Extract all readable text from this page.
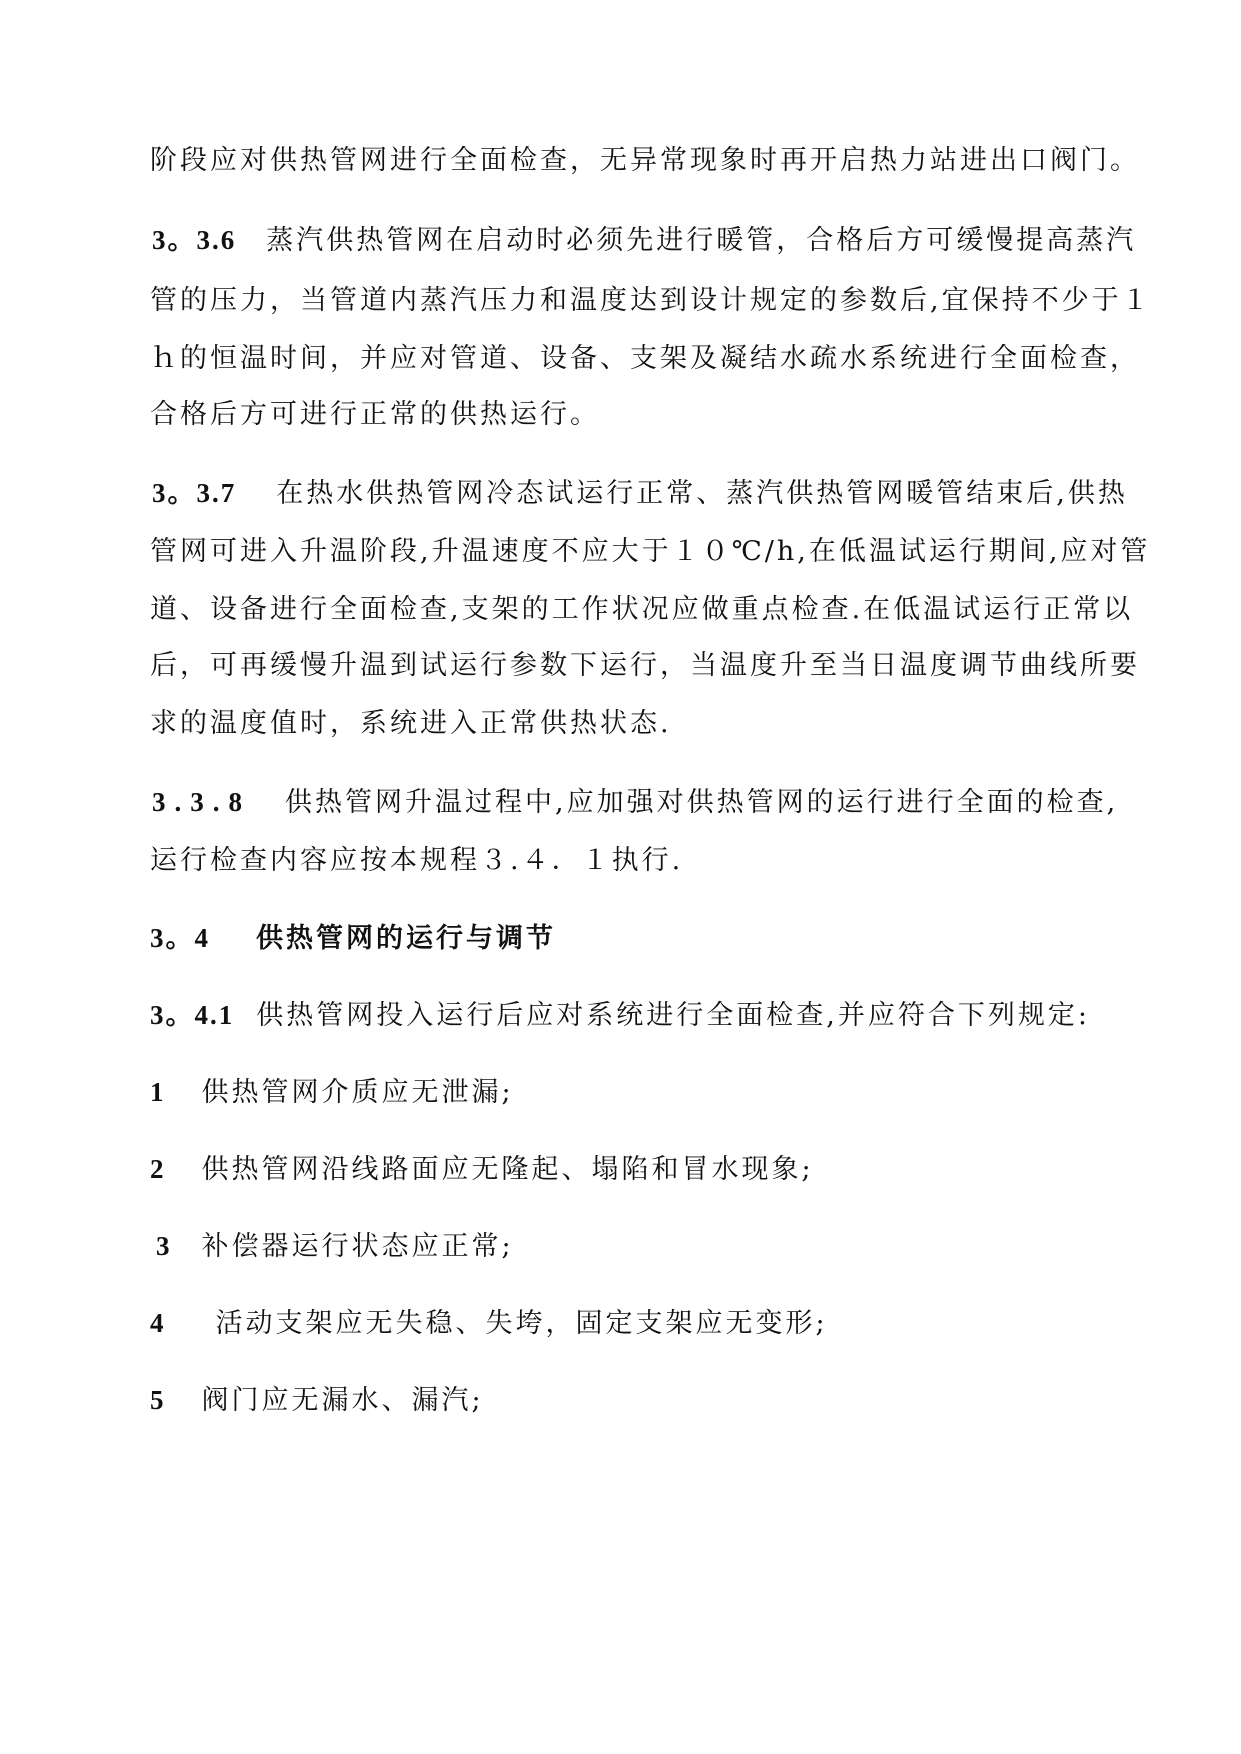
阶段应对供热管网进行全面检查，无异常现象时再开启热力站进出口阀门。
3。3.6 蒸汽供热管网在启动时必须先进行暖管，合格后方可缓慢提高蒸汽
管的压力，当管道内蒸汽压力和温度达到设计规定的参数后,宜保持不少于１
ｈ的恒温时间，并应对管道、设备、支架及凝结水疏水系统进行全面检查，
合格后方可进行正常的供热运行。
3。3.7 在热水供热管网冷态试运行正常、蒸汽供热管网暖管结束后,供热
管网可进入升温阶段,升温速度不应大于１０℃/h,在低温试运行期间,应对管
道、设备进行全面检查,支架的工作状况应做重点检查.在低温试运行正常以
后，可再缓慢升温到试运行参数下运行，当温度升至当日温度调节曲线所要
求的温度值时，系统进入正常供热状态.
3.3.8 供热管网升温过程中,应加强对供热管网的运行进行全面的检查,
运行检查内容应按本规程３.４．１执行.
3。4 供热管网的运行与调节
3。4.1 供热管网投入运行后应对系统进行全面检查,并应符合下列规定:
1 供热管网介质应无泄漏;
2 供热管网沿线路面应无隆起、塌陷和冒水现象;
3 补偿器运行状态应正常;
4 活动支架应无失稳、失垮，固定支架应无变形;
5 阀门应无漏水、漏汽;
